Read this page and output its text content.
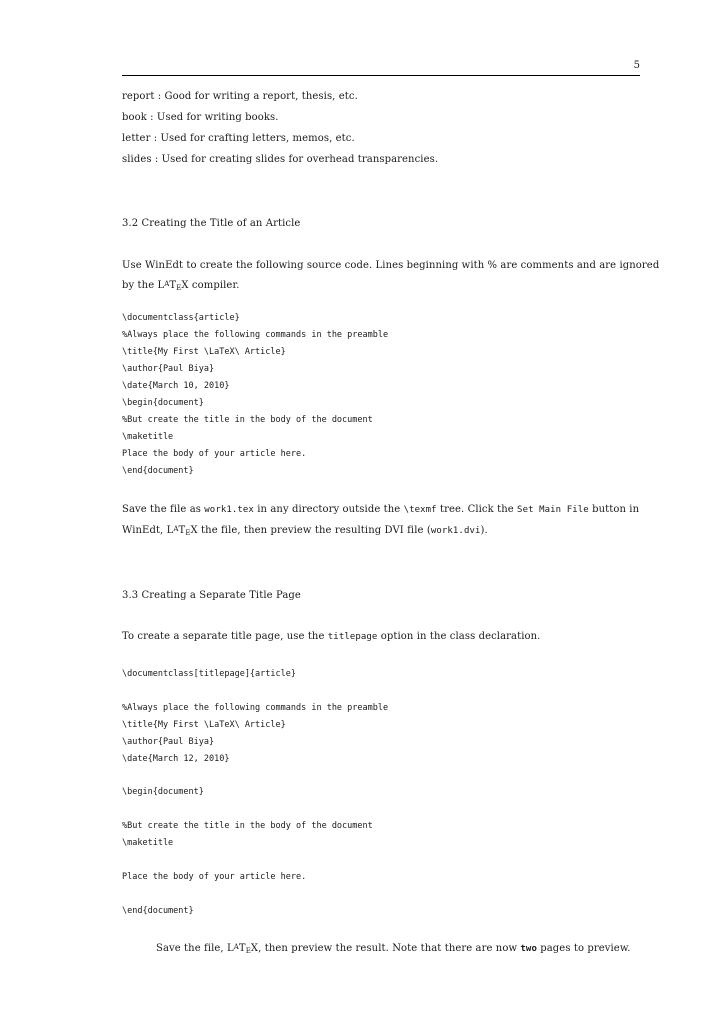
5
report : Good for writing a report, thesis, etc.
book : Used for writing books.
letter : Used for crafting letters, memos, etc.
slides : Used for creating slides for overhead transparencies.
3.2 Creating the Title of an Article
Use WinEdt to create the following source code. Lines beginning with % are comments and are ignored
by the $L^AT_EX$ compiler.
\documentclass{article}
%Always place the following commands in the preamble
\title{My First \LaTeX\ Article}
\author{Paul Biya}
\date{March 10, 2010}
\begin{document}
%But create the title in the body of the document
\maketitle
Place the body of your article here.
\end{document}
Save the file as work1.tex in any directory outside the \texmf tree. Click the Set Main File button in
WinEdt, $L^AT_EX$ the file, then preview the resulting DVI file (work1.dvi).
3.3 Creating a Separate Title Page
To create a separate title page, use the titlepage option in the class declaration.
\documentclass[titlepage]{article}
%Always place the following commands in the preamble
\title{My First \LaTeX\ Article}
\author{Paul Biya}
\date{March 12, 2010}
\begin{document}
%But create the title in the body of the document
\maketitle
Place the body of your article here.
\end{document}
Save the file, $L^AT_EX$, then preview the result. Note that there are now two pages to preview.
